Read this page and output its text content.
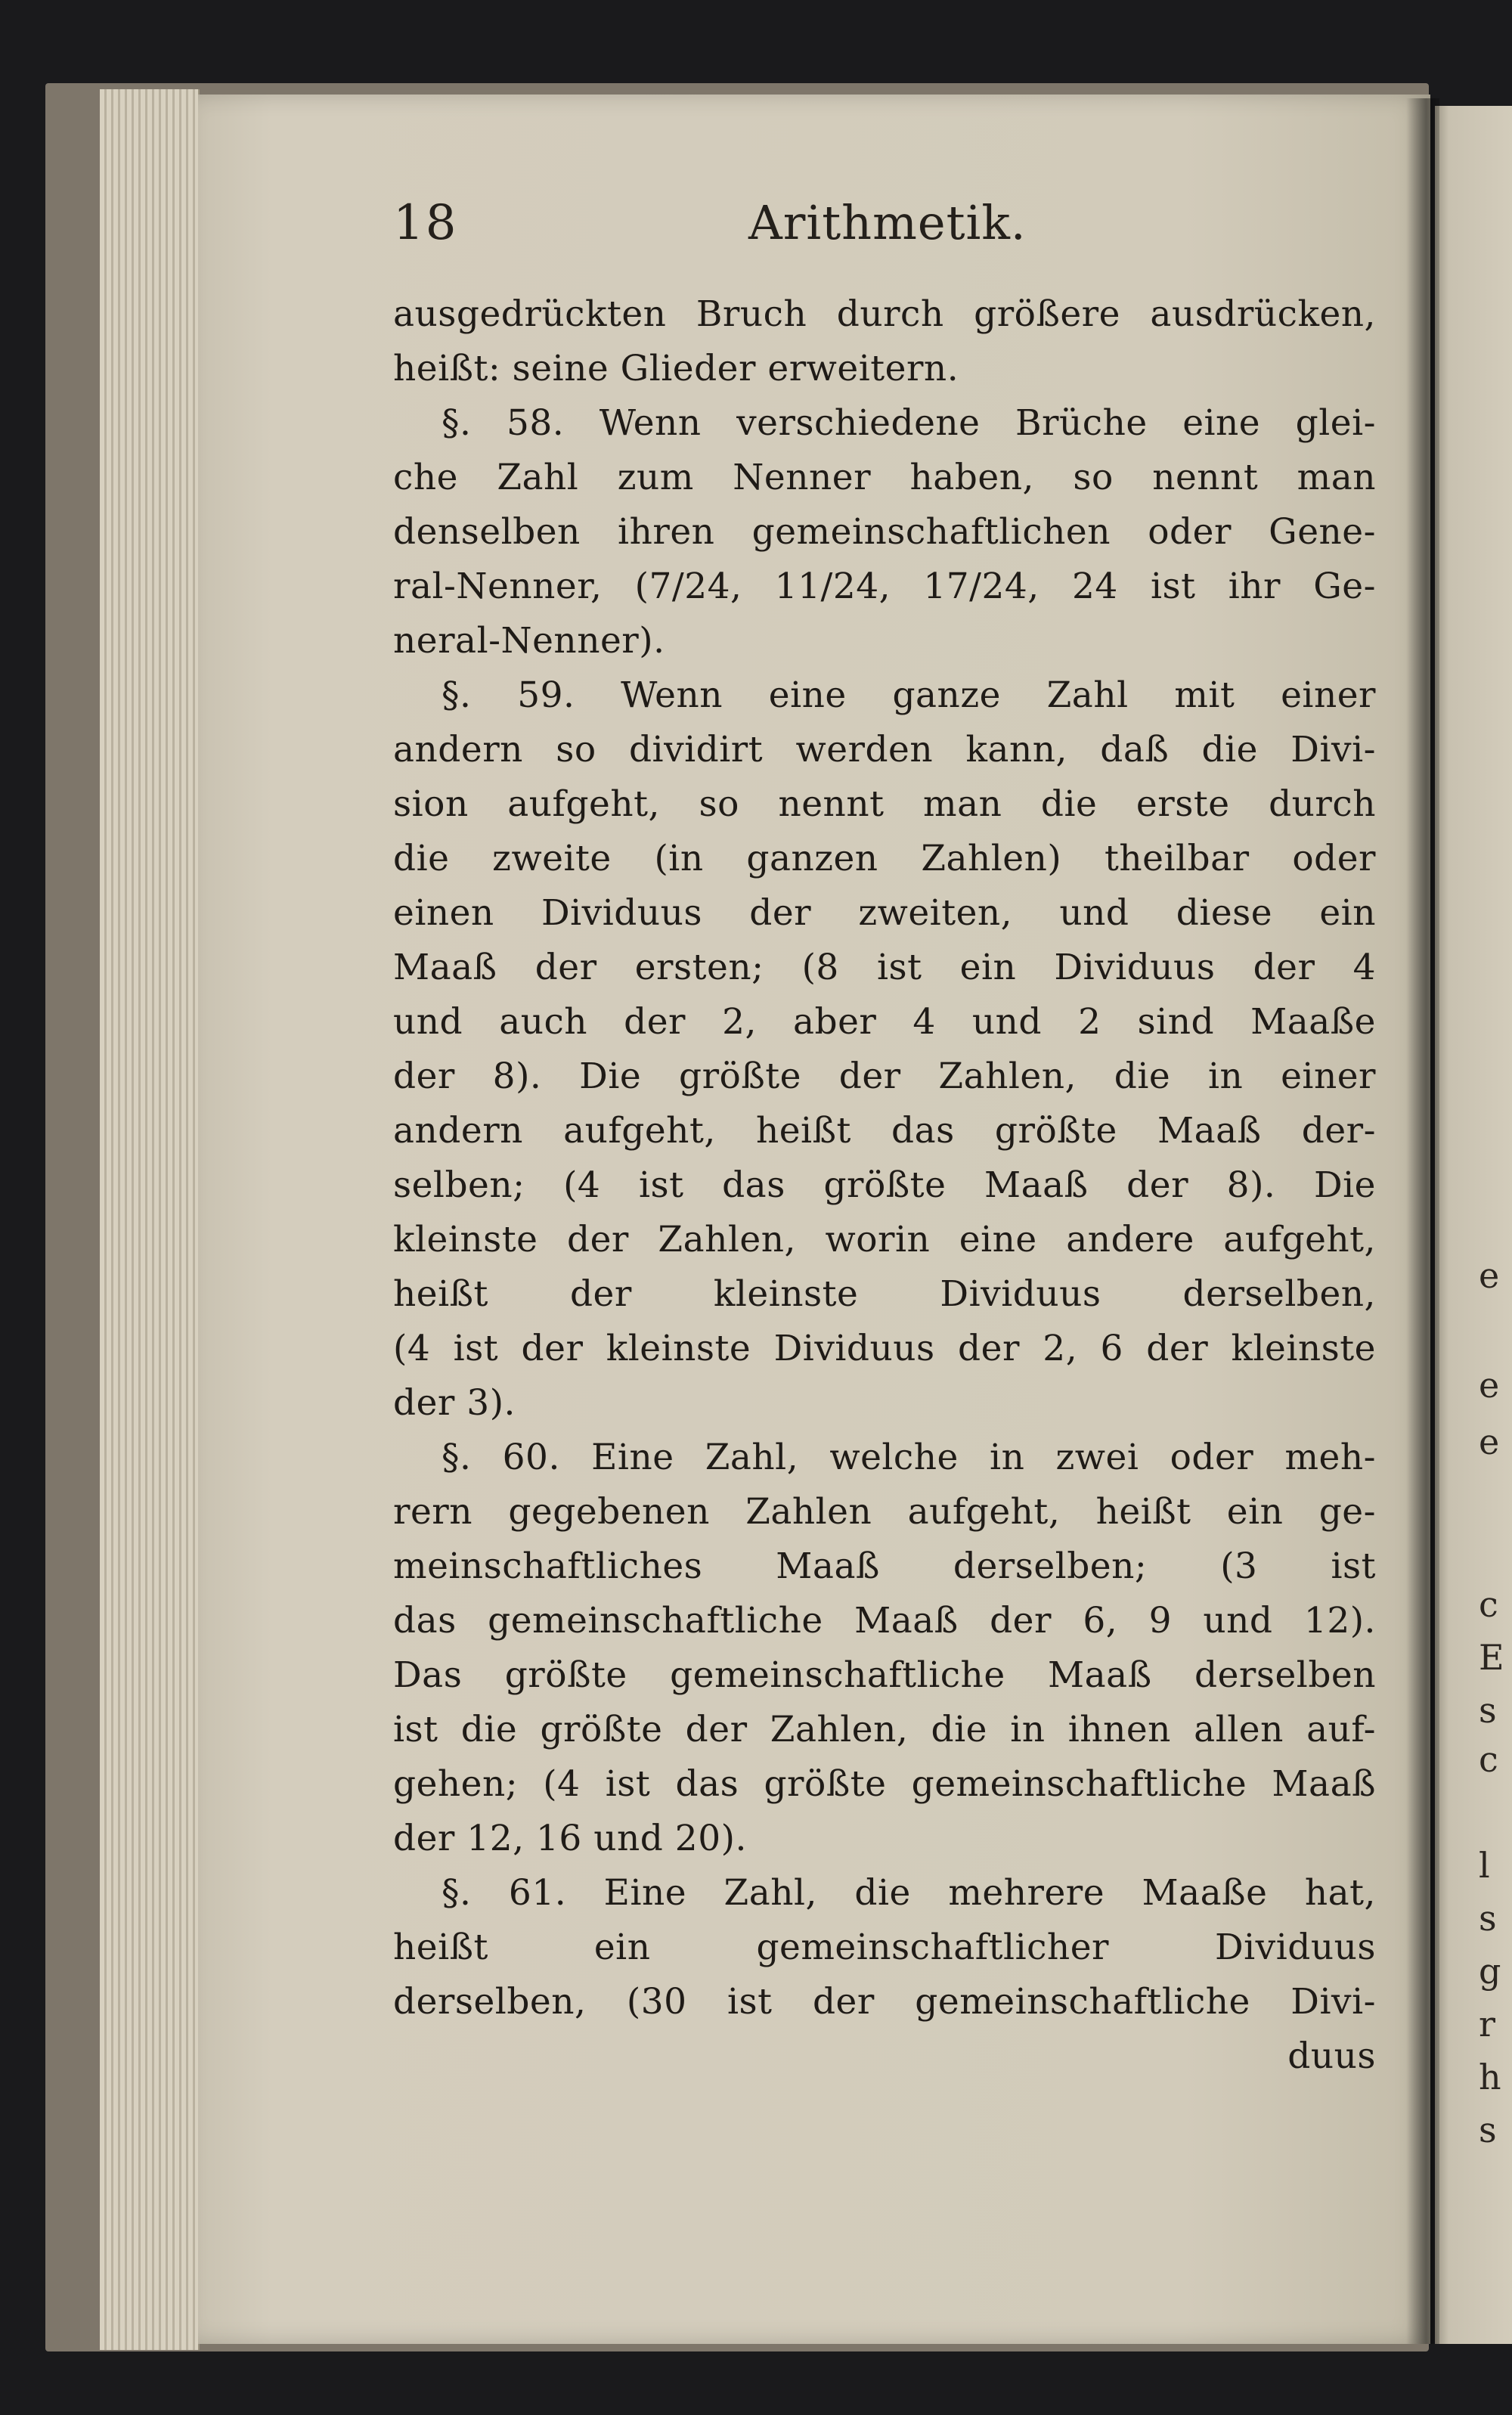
e
e
e
c
E
s
c
l
s
g
r
h
s
18	Arithmetik.
ausgedrückten Bruch durch größere ausdrücken,
heißt: seine Glieder erweitern.
§. 58. Wenn verschiedene Brüche eine glei-
che Zahl zum Nenner haben, so nennt man
denselben ihren gemeinschaftlichen oder Gene-
ral-Nenner, (7/24, 11/24, 17/24, 24 ist ihr Ge-
neral-Nenner).
§. 59. Wenn eine ganze Zahl mit einer
andern so dividirt werden kann, daß die Divi-
sion aufgeht, so nennt man die erste durch
die zweite (in ganzen Zahlen) theilbar oder
einen Dividuus der zweiten, und diese ein
Maaß der ersten; (8 ist ein Dividuus der 4
und auch der 2, aber 4 und 2 sind Maaße
der 8). Die größte der Zahlen, die in einer
andern aufgeht, heißt das größte Maaß der-
selben; (4 ist das größte Maaß der 8). Die
kleinste der Zahlen, worin eine andere aufgeht,
heißt der kleinste Dividuus derselben,
(4 ist der kleinste Dividuus der 2, 6 der kleinste
der 3).
§. 60. Eine Zahl, welche in zwei oder meh-
rern gegebenen Zahlen aufgeht, heißt ein ge-
meinschaftliches Maaß derselben; (3 ist
das gemeinschaftliche Maaß der 6, 9 und 12).
Das größte gemeinschaftliche Maaß derselben
ist die größte der Zahlen, die in ihnen allen auf-
gehen; (4 ist das größte gemeinschaftliche Maaß
der 12, 16 und 20).
§. 61. Eine Zahl, die mehrere Maaße hat,
heißt ein gemeinschaftlicher Dividuus
derselben, (30 ist der gemeinschaftliche Divi-
duus
